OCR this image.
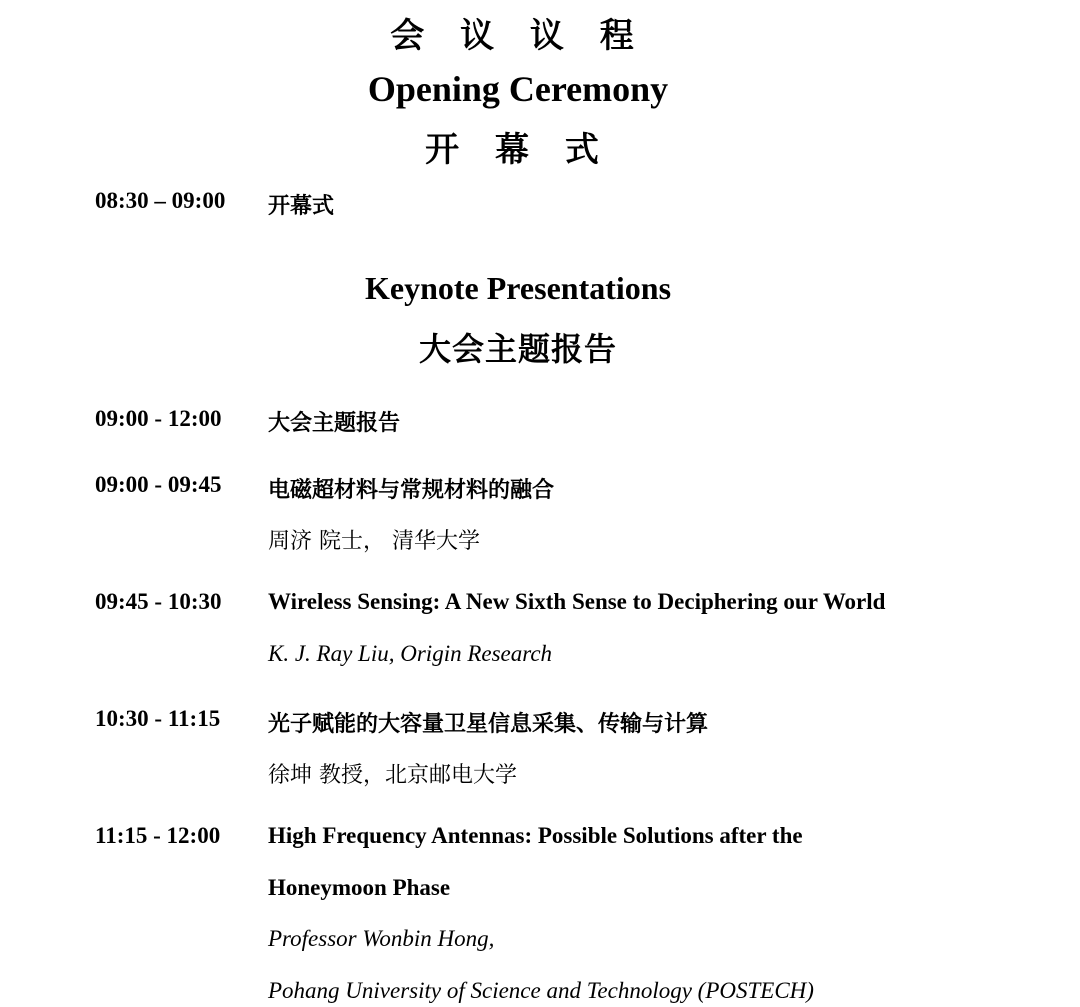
会 议 议 程
Opening Ceremony
开 幕 式
08:30 – 09:00 开幕式
Keynote Presentations
大会主题报告
09:00 - 12:00 大会主题报告
09:00 - 09:45 电磁超材料与常规材料的融合
周济 院士， 清华大学
09:45 - 10:30 Wireless Sensing: A New Sixth Sense to Deciphering our World
K. J. Ray Liu, Origin Research
10:30 - 11:15 光子赋能的大容量卫星信息采集、传输与计算
徐坤 教授，北京邮电大学
11:15 - 12:00 High Frequency Antennas: Possible Solutions after the
Honeymoon Phase
Professor Wonbin Hong,
Pohang University of Science and Technology (POSTECH)
